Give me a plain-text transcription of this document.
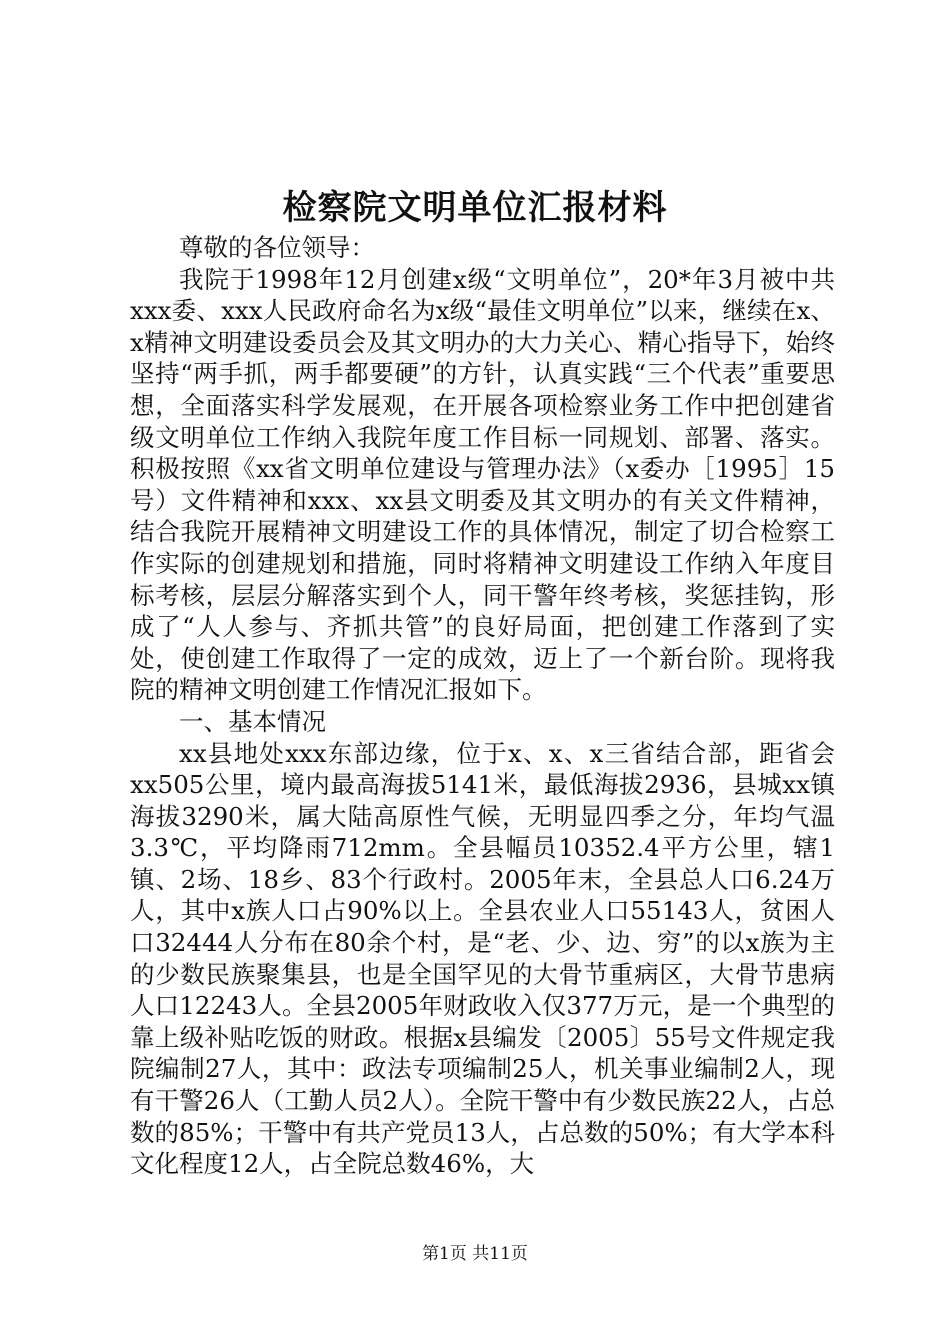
检察院文明单位汇报材料

尊敬的各位领导：

我院于1998年12月创建x级“文明单位”，20*年3月被中共xxx委、xxx人民政府命名为x级“最佳文明单位”以来，继续在x、x精神文明建设委员会及其文明办的大力关心、精心指导下，始终坚持“两手抓，两手都要硬”的方针，认真实践“三个代表”重要思想，全面落实科学发展观，在开展各项检察业务工作中把创建省级文明单位工作纳入我院年度工作目标一同规划、部署、落实。积极按照《xx省文明单位建设与管理办法》（x委办［1995］15号）文件精神和xxx、xx县文明委及其文明办的有关文件精神，结合我院开展精神文明建设工作的具体情况，制定了切合检察工作实际的创建规划和措施，同时将精神文明建设工作纳入年度目标考核，层层分解落实到个人，同干警年终考核，奖惩挂钩，形成了“人人参与、齐抓共管”的良好局面，把创建工作落到了实处，使创建工作取得了一定的成效，迈上了一个新台阶。现将我院的精神文明创建工作情况汇报如下。

一、基本情况

xx县地处xxx东部边缘，位于x、x、x三省结合部，距省会xx505公里，境内最高海拔5141米，最低海拔2936，县城xx镇海拔3290米，属大陆高原性气候，无明显四季之分，年均气温3.3℃，平均降雨712mm。全县幅员10352.4平方公里，辖1镇、2场、18乡、83个行政村。2005年末，全县总人口6.24万人，其中x族人口占90%以上。全县农业人口55143人，贫困人口32444人分布在80余个村，是“老、少、边、穷”的以x族为主的少数民族聚集县，也是全国罕见的大骨节重病区，大骨节患病人口12243人。全县2005年财政收入仅377万元，是一个典型的靠上级补贴吃饭的财政。根据x县编发〔2005〕55号文件规定我院编制27人，其中：政法专项编制25人，机关事业编制2人，现有干警26人（工勤人员2人）。全院干警中有少数民族22人，占总数的85%；干警中有共产党员13人，占总数的50%；有大学本科文化程度12人，占全院总数46%，大

第1页 共11页
